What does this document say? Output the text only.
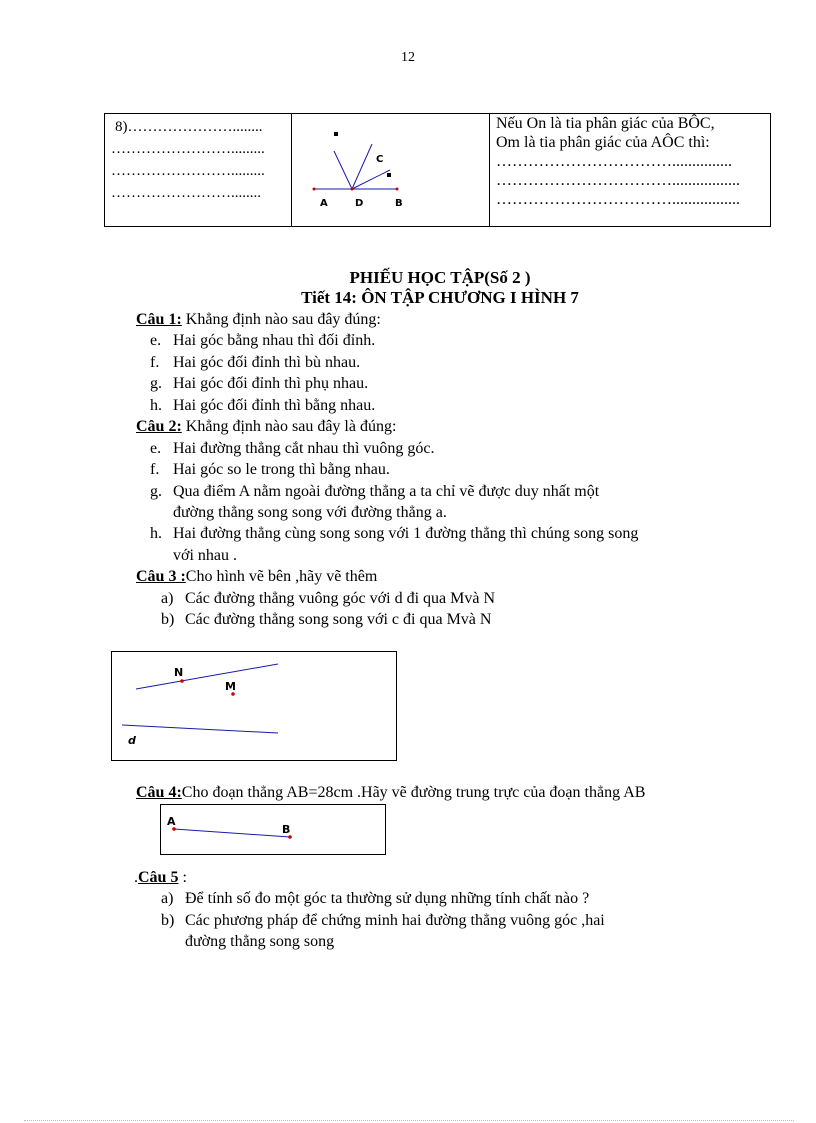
12
8)…………………........
…………………….........
…………………….........
……………………........

A	D	B
C

Nếu On là tia phân giác của BÔC,
Om là tia phân giác của AÔC thì:
……………………………...............
…………………………….................
…………………………….................
PHIẾU HỌC TẬP(Số 2 )
Tiết 14: ÔN TẬP CHƯƠNG I HÌNH 7
Câu 1: Khẳng định nào sau đây đúng:
e. Hai góc bằng nhau thì đối đỉnh.
f. Hai góc đối đỉnh thì bù nhau.
g. Hai góc đối đỉnh thì phụ nhau.
h. Hai góc đối đỉnh thì bằng nhau.
Câu 2: Khẳng định nào sau đây là đúng:
e. Hai đường thẳng cắt nhau thì vuông góc.
f. Hai góc so le trong thì bằng nhau.
g. Qua điểm A nằm ngoài đường thẳng a ta chỉ vẽ được duy nhất một
đường thẳng song song với đường thẳng a.
h. Hai đường thẳng cùng song song với 1 đường thẳng thì chúng song song
với nhau .
Câu 3 :Cho hình vẽ bên ,hãy vẽ thêm
a) Các đường thẳng vuông góc với d đi qua Mvà N
b) Các đường thẳng song song với c đi qua Mvà N
N
M
d
Câu 4:Cho đoạn thẳng AB=28cm .Hãy vẽ đường trung trực của đoạn thẳng AB
A
B
.Câu 5 :
a) Để tính số đo một góc ta thường sử dụng những tính chất nào ?
b) Các phương pháp để chứng minh hai đường thẳng vuông góc ,hai
đường thẳng song song
